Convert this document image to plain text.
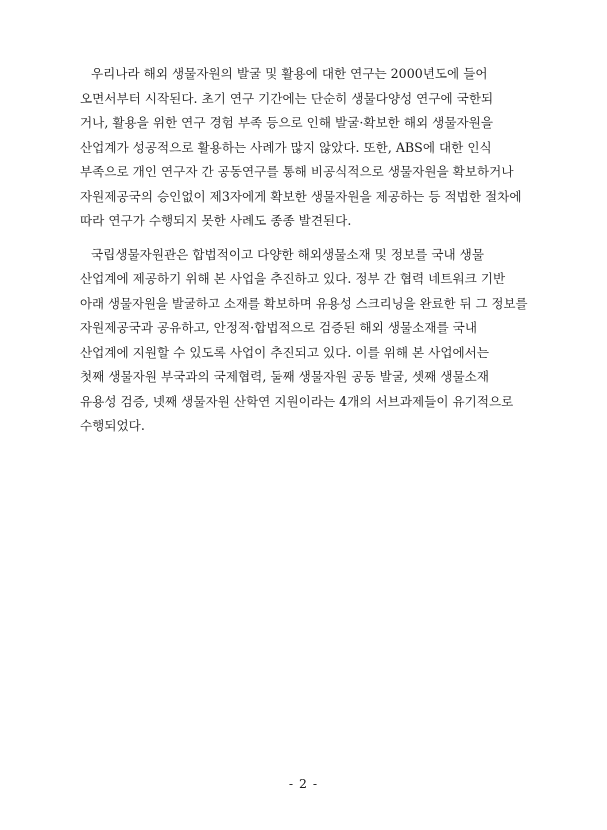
우리나라 해외 생물자원의 발굴 및 활용에 대한 연구는 2000년도에 들어
오면서부터 시작된다. 초기 연구 기간에는 단순히 생물다양성 연구에 국한되
거나, 활용을 위한 연구 경험 부족 등으로 인해 발굴·확보한 해외 생물자원을
산업계가 성공적으로 활용하는 사례가 많지 않았다. 또한, ABS에 대한 인식
부족으로 개인 연구자 간 공동연구를 통해 비공식적으로 생물자원을 확보하거나
자원제공국의 승인없이 제3자에게 확보한 생물자원을 제공하는 등 적법한 절차에
따라 연구가 수행되지 못한 사례도 종종 발견된다.

국립생물자원관은 합법적이고 다양한 해외생물소재 및 정보를 국내 생물
산업계에 제공하기 위해 본 사업을 추진하고 있다. 정부 간 협력 네트워크 기반
아래 생물자원을 발굴하고 소재를 확보하며 유용성 스크리닝을 완료한 뒤 그 정보를
자원제공국과 공유하고, 안정적·합법적으로 검증된 해외 생물소재를 국내
산업계에 지원할 수 있도록 사업이 추진되고 있다. 이를 위해 본 사업에서는
첫째 생물자원 부국과의 국제협력, 둘째 생물자원 공동 발굴, 셋째 생물소재
유용성 검증, 넷째 생물자원 산학연 지원이라는 4개의 서브과제들이 유기적으로
수행되었다.

- 2 -
